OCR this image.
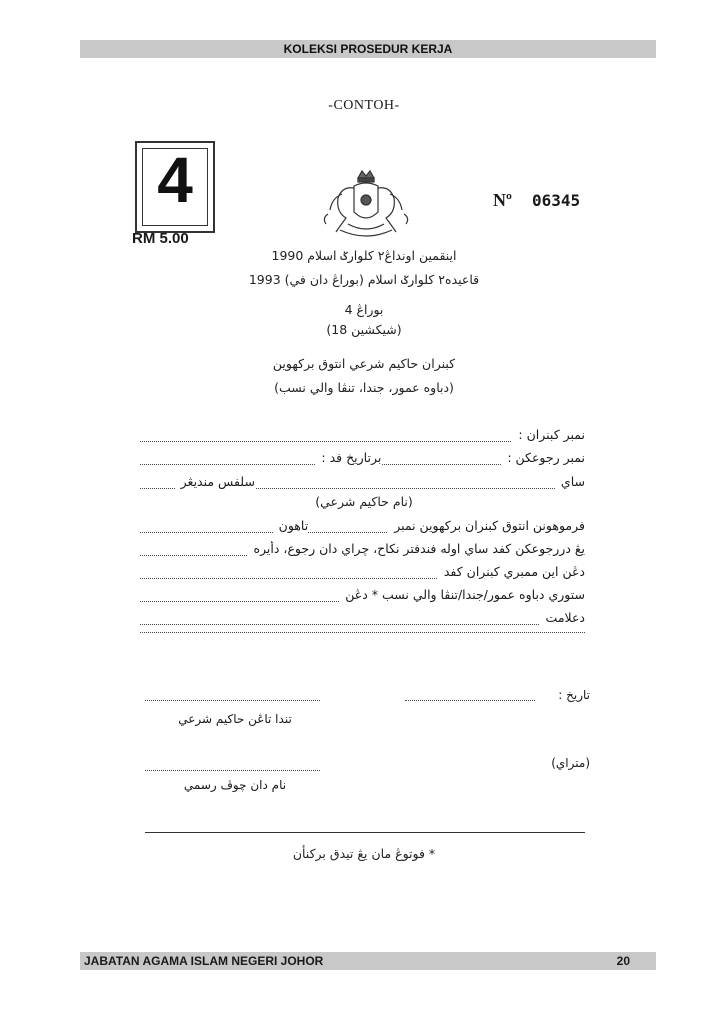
KOLEKSI PROSEDUR KERJA
-CONTOH-
4
RM 5.00
Nº 06345
اينقمين اونداڠ٢ كلوارݢ اسلام 1990
قاعيده٢ كلوارݢ اسلام (بوراڠ دان في) 1993
بوراڠ 4
(شيكشين 18)
كبنران حاكيم شرعي انتوق بركهوين
(دباوه عمور، جندا، تنڤا والي نسب)
نمبر كبنران :
نمبر رجوعكن :برتاريخ فد :
سايسلفس منديڠر
(نام حاكيم شرعي)
فرموهونن انتوق كبنران بركهوين نمبرتاهون
يڠ دررجوعكن كفد ساي اوله فندفتر نكاح، چراي دان رجوع، دأيره
دڠن اين ممبري كبنران كفد
ستوري دباوه عمور/جندا/تنڤا والي نسب * دڠن
دعلامت
تاريخ :
تندا تاڠن حاكيم شرعي
(متراي)
نام دان چوڤ رسمي
* فوتوڠ مان يڠ تيدق بركنأن
JABATAN AGAMA ISLAM NEGERI JOHOR	20
